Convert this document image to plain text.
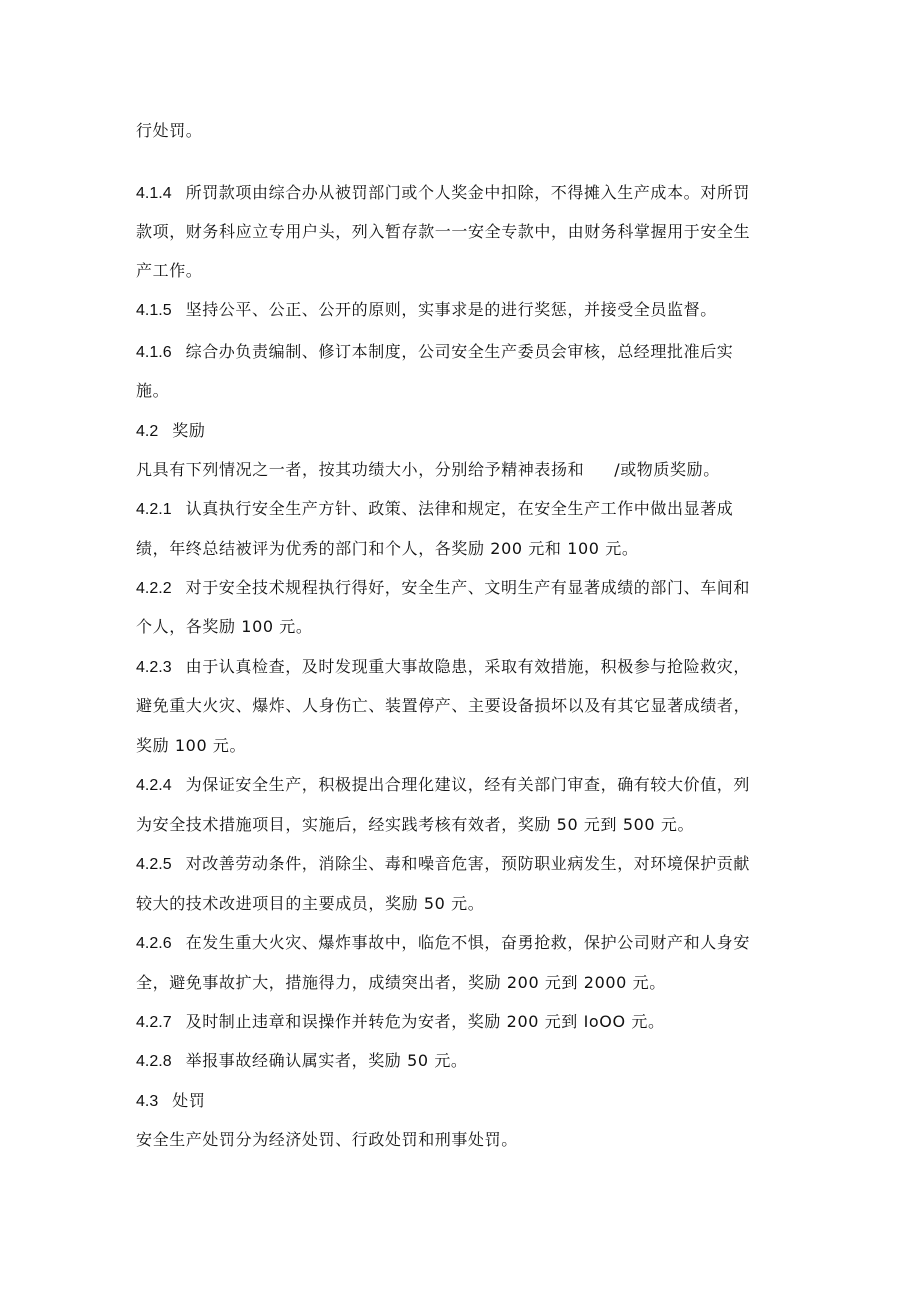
行处罚。
4.1.4 所罚款项由综合办从被罚部门或个人奖金中扣除，不得摊入生产成本。对所罚
款项，财务科应立专用户头，列入暂存款一一安全专款中，由财务科掌握用于安全生
产工作。
4.1.5 坚持公平、公正、公开的原则，实事求是的进行奖惩，并接受全员监督。
4.1.6 综合办负责编制、修订本制度，公司安全生产委员会审核，总经理批准后实
施。
4.2 奖励
凡具有下列情况之一者，按其功绩大小，分别给予精神表扬和 /或物质奖励。
4.2.1 认真执行安全生产方针、政策、法律和规定，在安全生产工作中做出显著成
绩，年终总结被评为优秀的部门和个人，各奖励 200 元和 100 元。
4.2.2 对于安全技术规程执行得好，安全生产、文明生产有显著成绩的部门、车间和
个人，各奖励 100 元。
4.2.3 由于认真检查，及时发现重大事故隐患，采取有效措施，积极参与抢险救灾，
避免重大火灾、爆炸、人身伤亡、装置停产、主要设备损坏以及有其它显著成绩者，
奖励 100 元。
4.2.4 为保证安全生产，积极提出合理化建议，经有关部门审查，确有较大价值，列
为安全技术措施项目，实施后，经实践考核有效者，奖励 50 元到 500 元。
4.2.5 对改善劳动条件，消除尘、毒和噪音危害，预防职业病发生，对环境保护贡献
较大的技术改进项目的主要成员，奖励 50 元。
4.2.6 在发生重大火灾、爆炸事故中，临危不惧，奋勇抢救，保护公司财产和人身安
全，避免事故扩大，措施得力，成绩突出者，奖励 200 元到 2000 元。
4.2.7 及时制止违章和误操作并转危为安者，奖励 200 元到 IoOO 元。
4.2.8 举报事故经确认属实者，奖励 50 元。
4.3 处罚
安全生产处罚分为经济处罚、行政处罚和刑事处罚。
